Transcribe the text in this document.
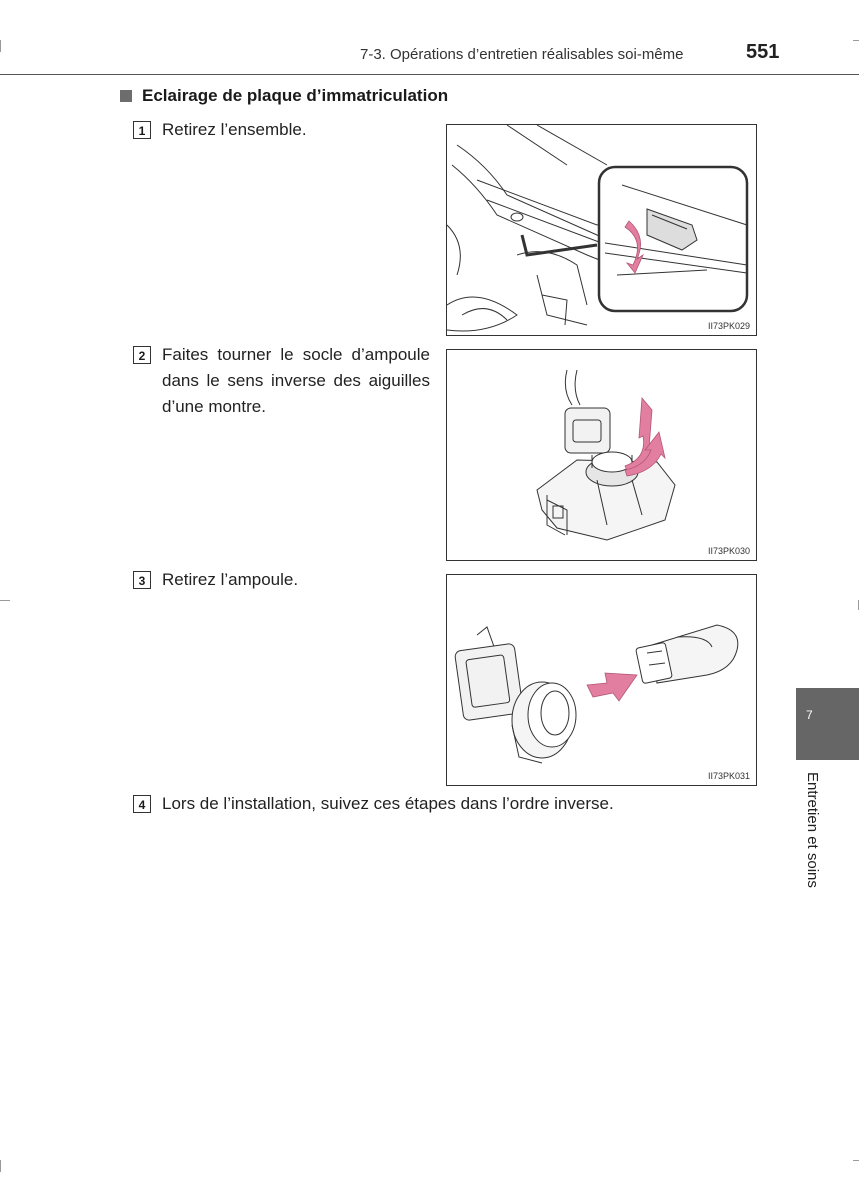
7-3. Opérations d’entretien réalisables soi-même	551
Eclairage de plaque d’immatriculation
1 Retirez l’ensemble.
II73PK029
2 Faites tourner le socle d’ampoule dans le sens inverse des aiguilles d’une montre.
II73PK030
3 Retirez l’ampoule.
II73PK031
4 Lors de l’installation, suivez ces étapes dans l’ordre inverse.
7
Entretien et soins
